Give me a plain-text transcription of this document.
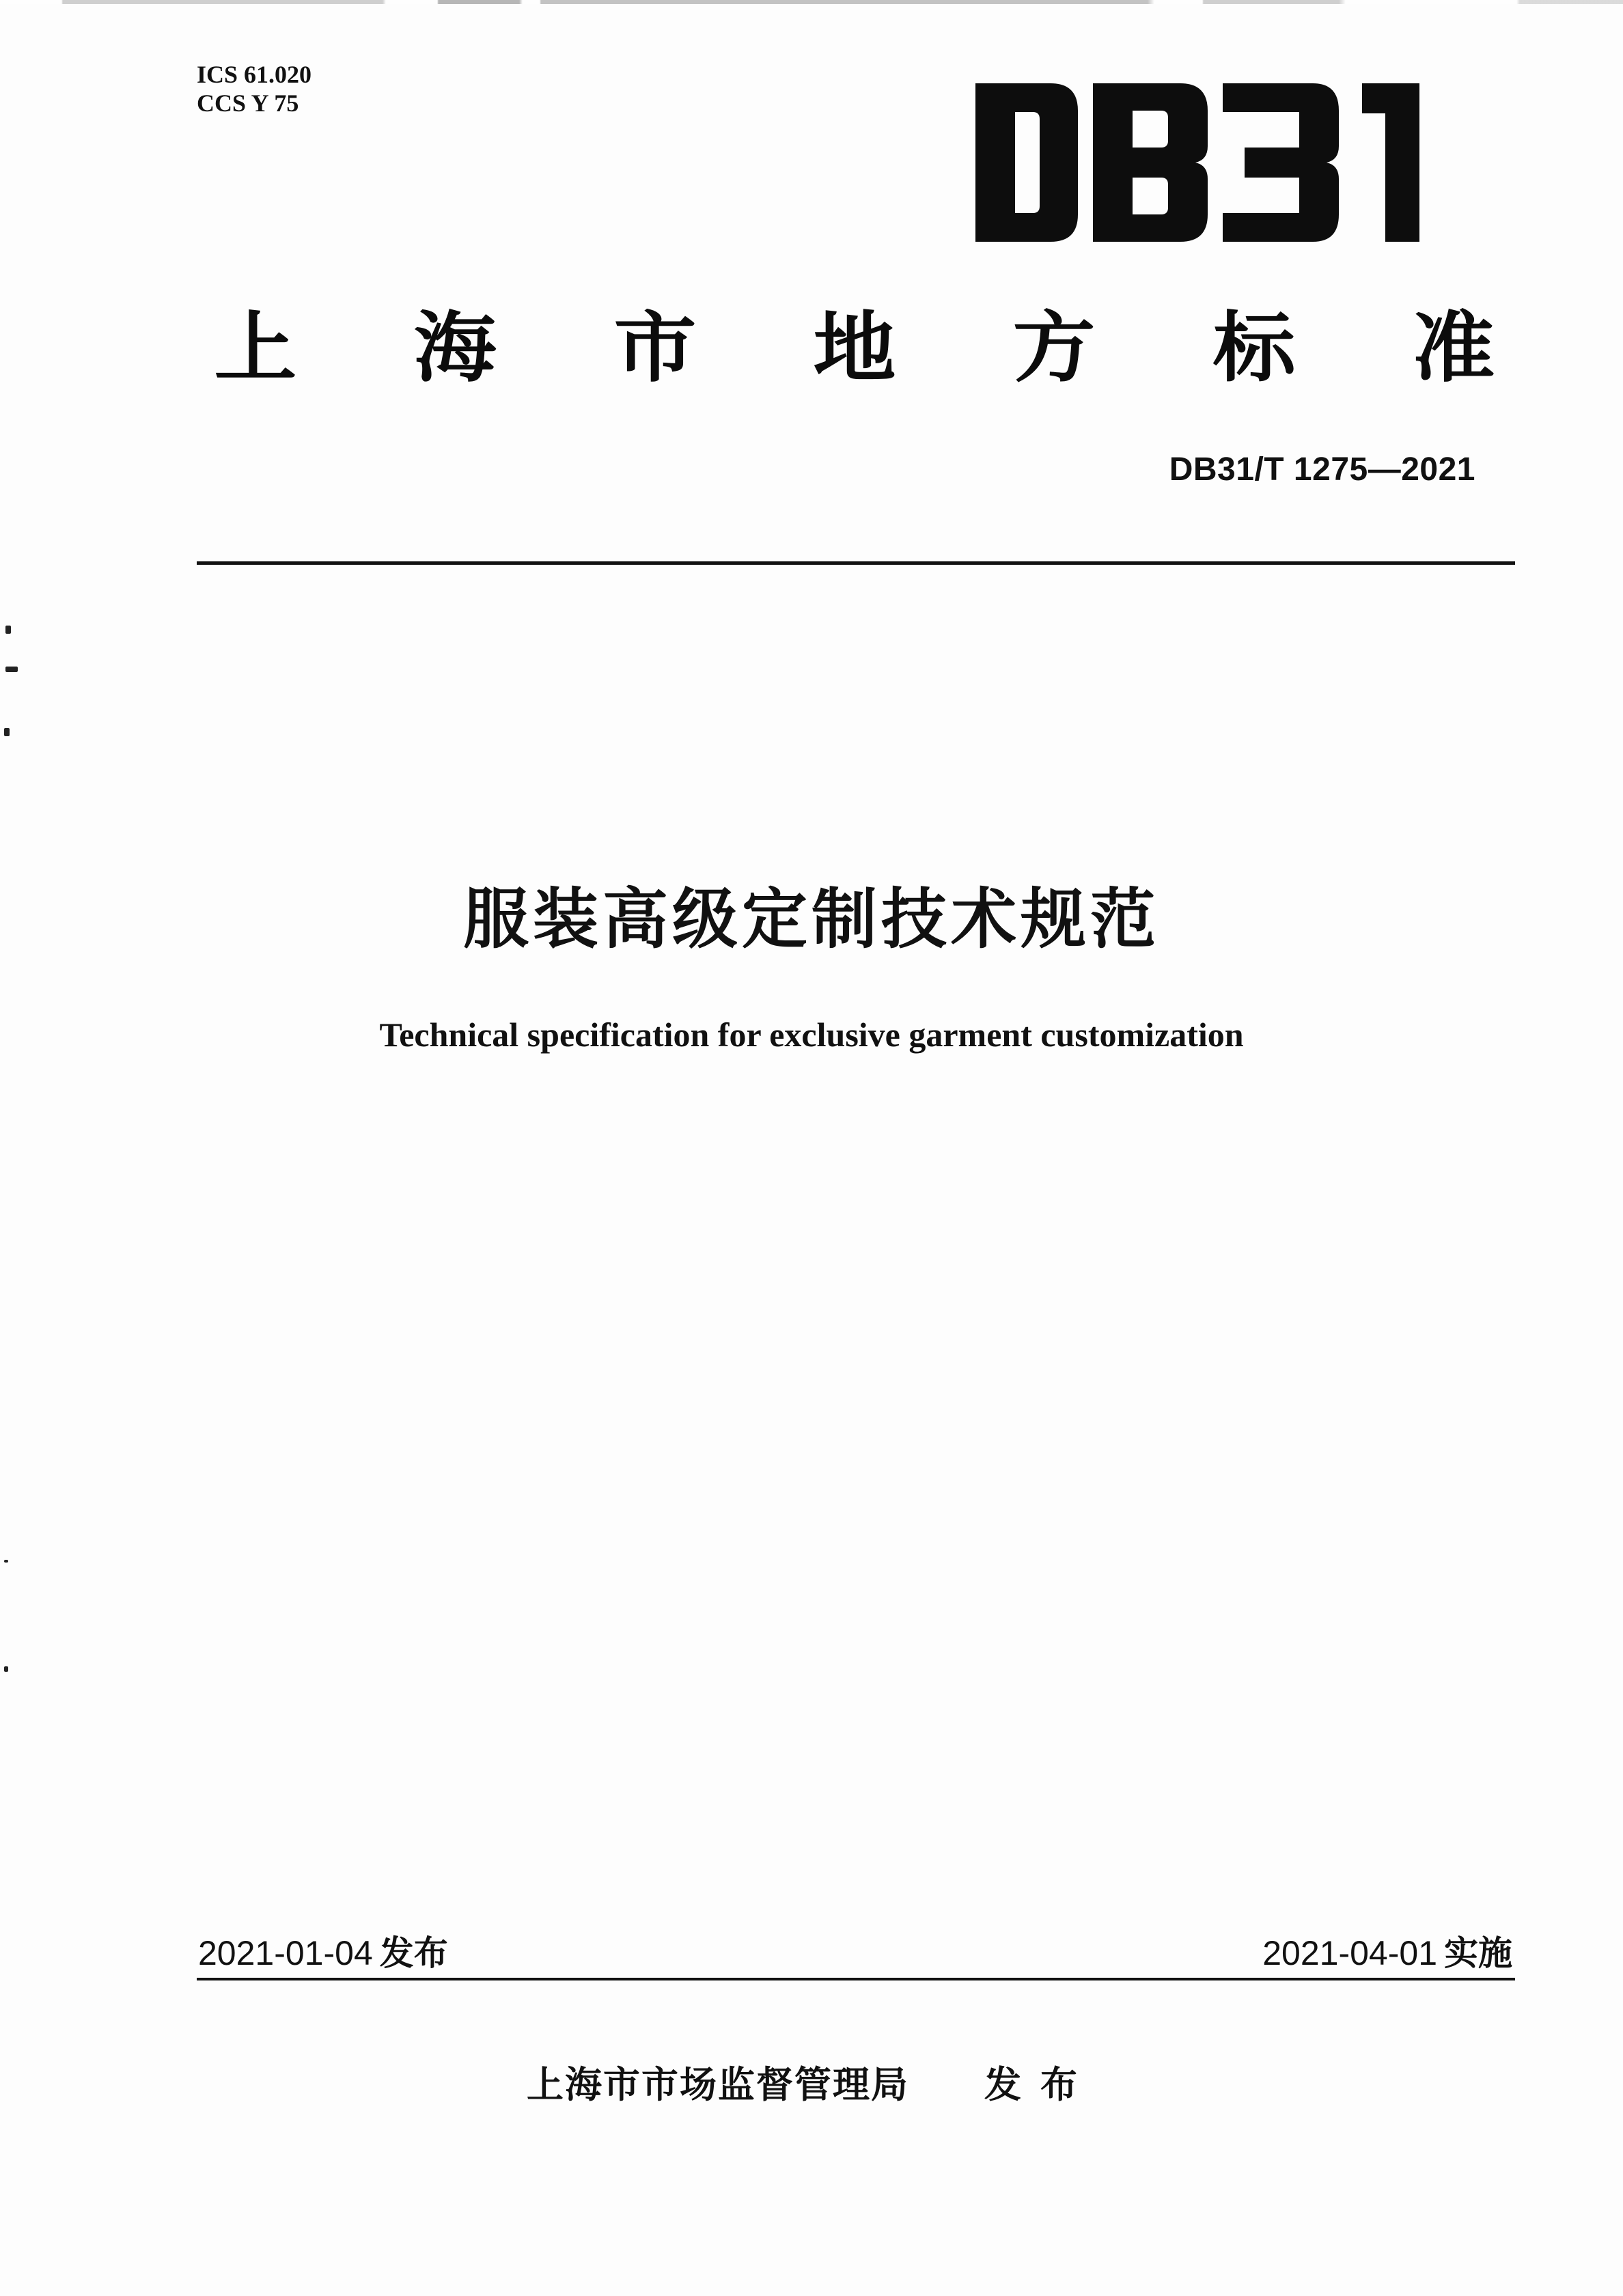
ICS 61.020
CCS Y 75
上 海 市 地 方 标 准
DB31/T 1275—2021
服装高级定制技术规范
Technical specification for exclusive garment customization
2021-01-04 发布	2021-04-01 实施
上海市市场监督管理局 发布
